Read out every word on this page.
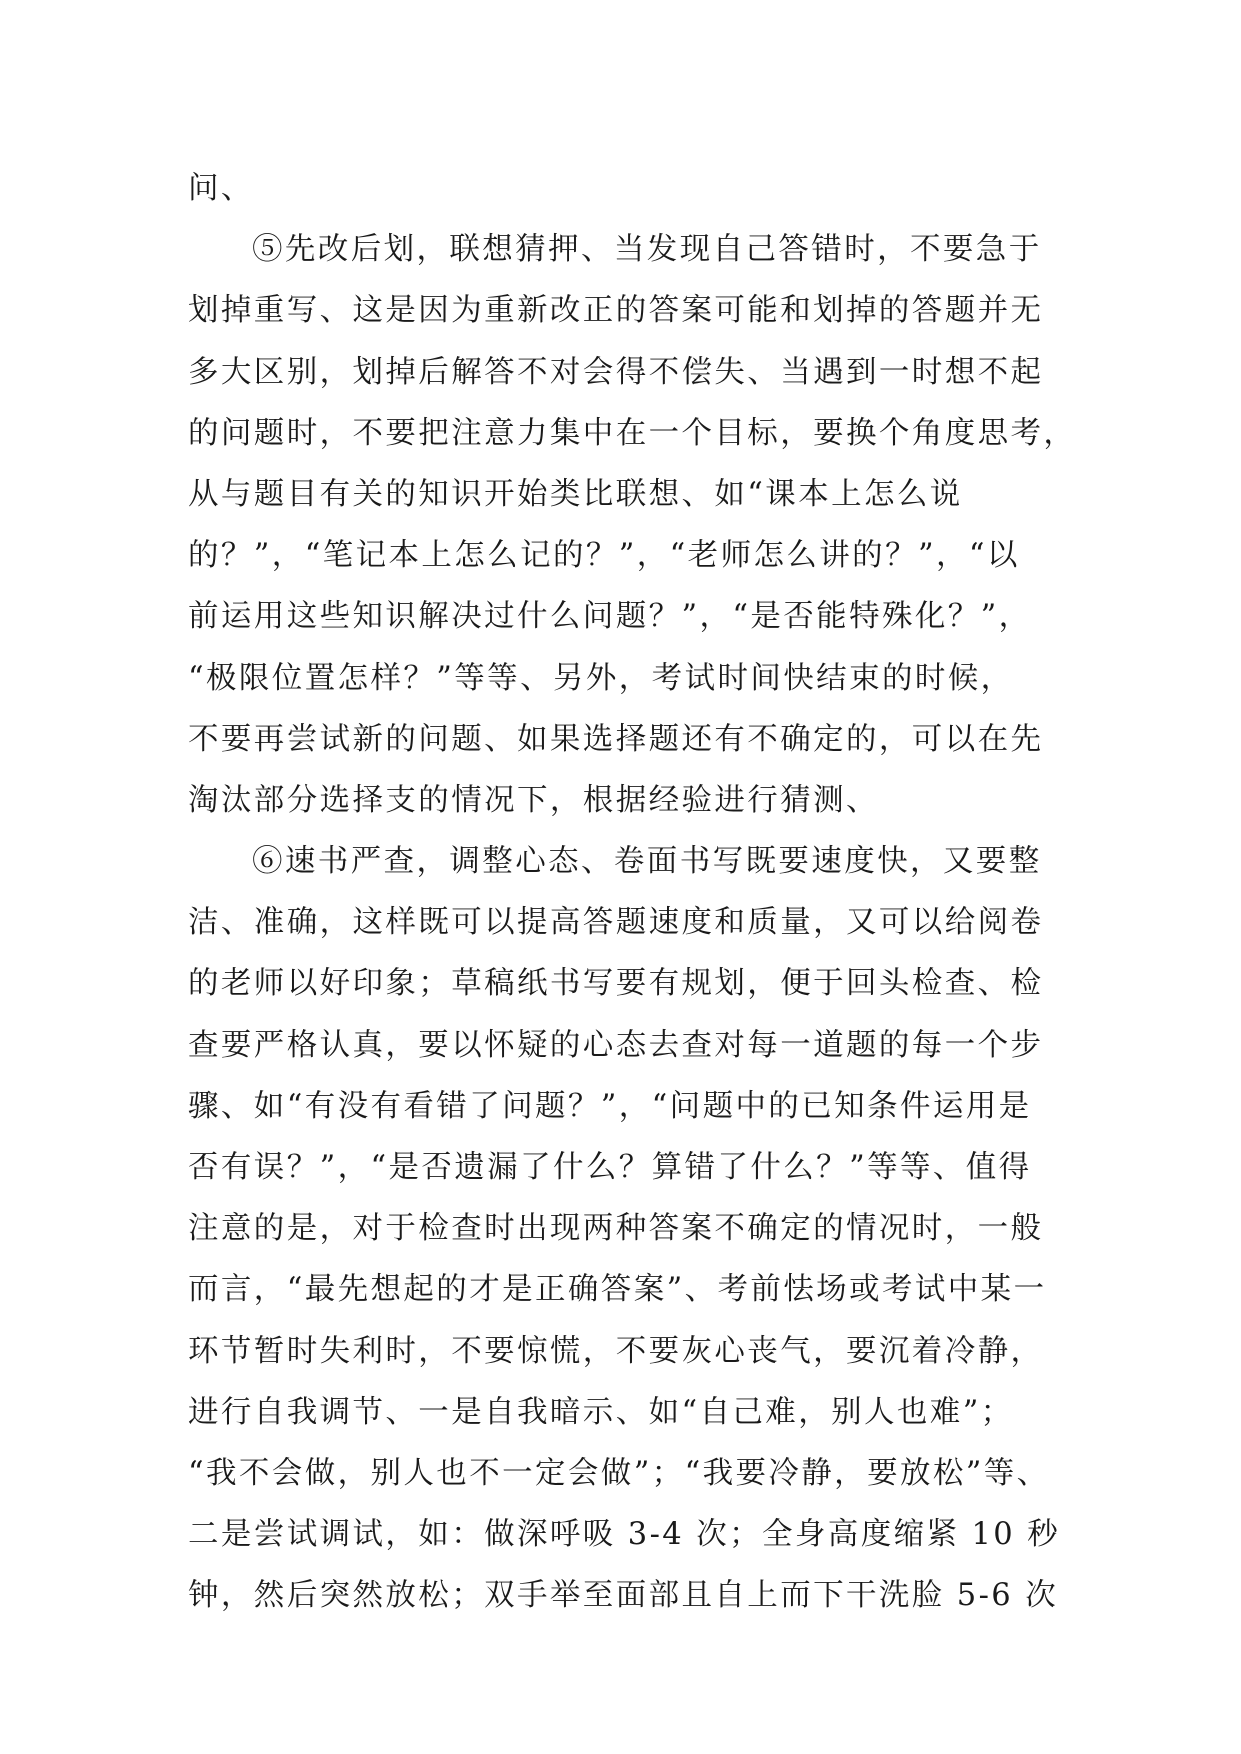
问、
⑤先改后划，联想猜押、当发现自己答错时，不要急于
划掉重写、这是因为重新改正的答案可能和划掉的答题并无
多大区别，划掉后解答不对会得不偿失、当遇到一时想不起
的问题时，不要把注意力集中在一个目标，要换个角度思考，
从与题目有关的知识开始类比联想、如“课本上怎么说
的？”，“笔记本上怎么记的？”，“老师怎么讲的？”，“以
前运用这些知识解决过什么问题？”，“是否能特殊化？”，
“极限位置怎样？”等等、另外，考试时间快结束的时候，
不要再尝试新的问题、如果选择题还有不确定的，可以在先
淘汰部分选择支的情况下，根据经验进行猜测、
⑥速书严查，调整心态、卷面书写既要速度快，又要整
洁、准确，这样既可以提高答题速度和质量，又可以给阅卷
的老师以好印象；草稿纸书写要有规划，便于回头检查、检
查要严格认真，要以怀疑的心态去查对每一道题的每一个步
骤、如“有没有看错了问题？”，“问题中的已知条件运用是
否有误？”，“是否遗漏了什么？算错了什么？”等等、值得
注意的是，对于检查时出现两种答案不确定的情况时，一般
而言，“最先想起的才是正确答案”、考前怯场或考试中某一
环节暂时失利时，不要惊慌，不要灰心丧气，要沉着冷静，
进行自我调节、一是自我暗示、如“自己难，别人也难”；
“我不会做，别人也不一定会做”；“我要冷静，要放松”等、
二是尝试调试，如：做深呼吸 3-4 次；全身高度缩紧 10 秒
钟，然后突然放松；双手举至面部且自上而下干洗脸 5-6 次
